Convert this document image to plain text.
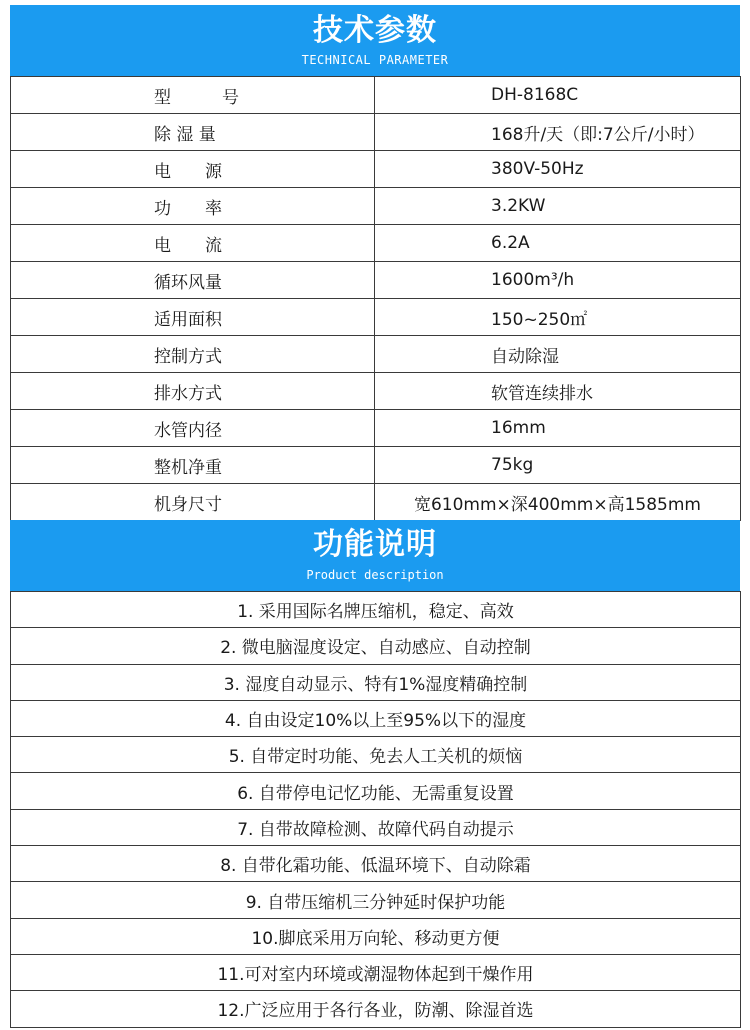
技术参数
TECHNICAL PARAMETER
型　　　号	DH-8168C
除 湿 量	168升/天（即:7公斤/小时）
电　　源	380V-50Hz
功　　率	3.2KW
电　　流	6.2A
循环风量	1600m³/h
适用面积	150~250㎡
控制方式	自动除湿
排水方式	软管连续排水
水管内径	16mm
整机净重	75kg
机身尺寸	宽610mm×深400mm×高1585mm
功能说明
Product description
1. 采用国际名牌压缩机，稳定、高效
2. 微电脑湿度设定、自动感应、自动控制
3. 湿度自动显示、特有1%湿度精确控制
4. 自由设定10%以上至95%以下的湿度
5. 自带定时功能、免去人工关机的烦恼
6. 自带停电记忆功能、无需重复设置
7. 自带故障检测、故障代码自动提示
8. 自带化霜功能、低温环境下、自动除霜
9. 自带压缩机三分钟延时保护功能
10.脚底采用万向轮、移动更方便
11.可对室内环境或潮湿物体起到干燥作用
12.广泛应用于各行各业，防潮、除湿首选
